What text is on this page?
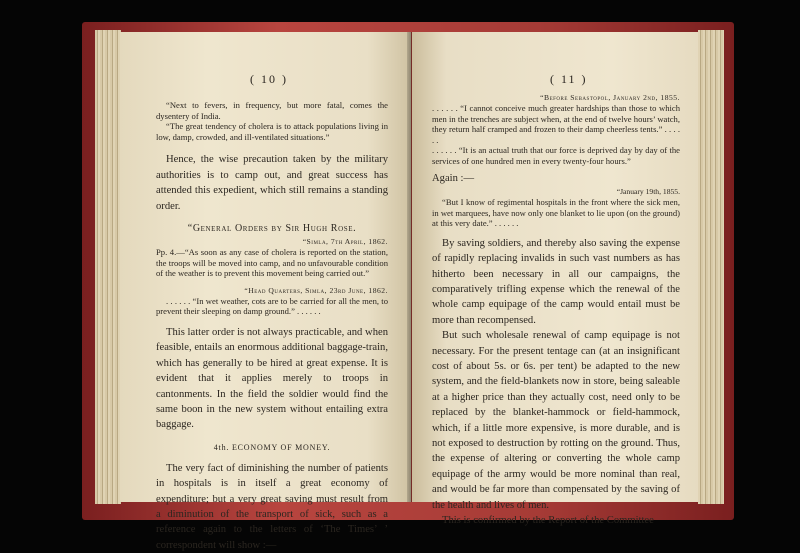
( 10 )

“Next to fevers, in frequency, but more fatal, comes the dysentery of India.

“The great tendency of cholera is to attack populations living in low, damp, crowded, and ill-ventilated situations.”

Hence, the wise precaution taken by the military authorities is to camp out, and great success has attended this expedient, which still remains a standing order.

“General Orders by Sir Hugh Rose.

“Simla, 7th April, 1862.

Pp. 4.—“As soon as any case of cholera is reported on the station, the troops will be moved into camp, and no unfavourable condition of the weather is to prevent this movement being carried out.”

“Head Quarters, Simla, 23rd June, 1862.

. . . . . . “In wet weather, cots are to be carried for all the men, to prevent their sleeping on damp ground.” . . . . . .

This latter order is not always practicable, and when feasible, entails an enormous additional baggage-train, which has generally to be hired at great expense. It is evident that it applies merely to troops in cantonments. In the field the soldier would find the same boon in the new system without entailing extra baggage.

4th. ECONOMY OF MONEY.

The very fact of diminishing the number of patients in hospitals is in itself a great economy of expenditure; but a very great saving must result from a diminution of the transport of sick, such as a reference again to the letters of ‘The Times’ ’ correspondent will show :—

( 11 )

“Before Sebastopol, January 2nd, 1855.

. . . . . . “I cannot conceive much greater hardships than those to which men in the trenches are subject when, at the end of twelve hours’ watch, they return half cramped and frozen to their damp cheerless tents.” . . . . . .

. . . . . . “It is an actual truth that our force is deprived day by day of the services of one hundred men in every twenty-four hours.”

Again :—

“January 19th, 1855.

“But I know of regimental hospitals in the front where the sick men, in wet marquees, have now only one blanket to lie upon (on the ground) at this very date.” . . . . . .

By saving soldiers, and thereby also saving the expense of rapidly replacing invalids in such vast numbers as has hitherto been necessary in all our campaigns, the comparatively trifling expense which the renewal of the whole camp equipage of the camp would entail must be more than recompensed.

But such wholesale renewal of camp equipage is not necessary. For the present tentage can (at an insignificant cost of about 5s. or 6s. per tent) be adapted to the new system, and the field-blankets now in store, being saleable at a higher price than they actually cost, need only to be replaced by the blanket-hammock or field-hammock, which, if a little more expensive, is more durable, and is not exposed to destruction by rotting on the ground. Thus, the expense of altering or converting the whole camp equipage of the army would be more nominal than real, and would be far more than compensated by the saving of the health and lives of men.

This is confirmed by the Report of the Committee
